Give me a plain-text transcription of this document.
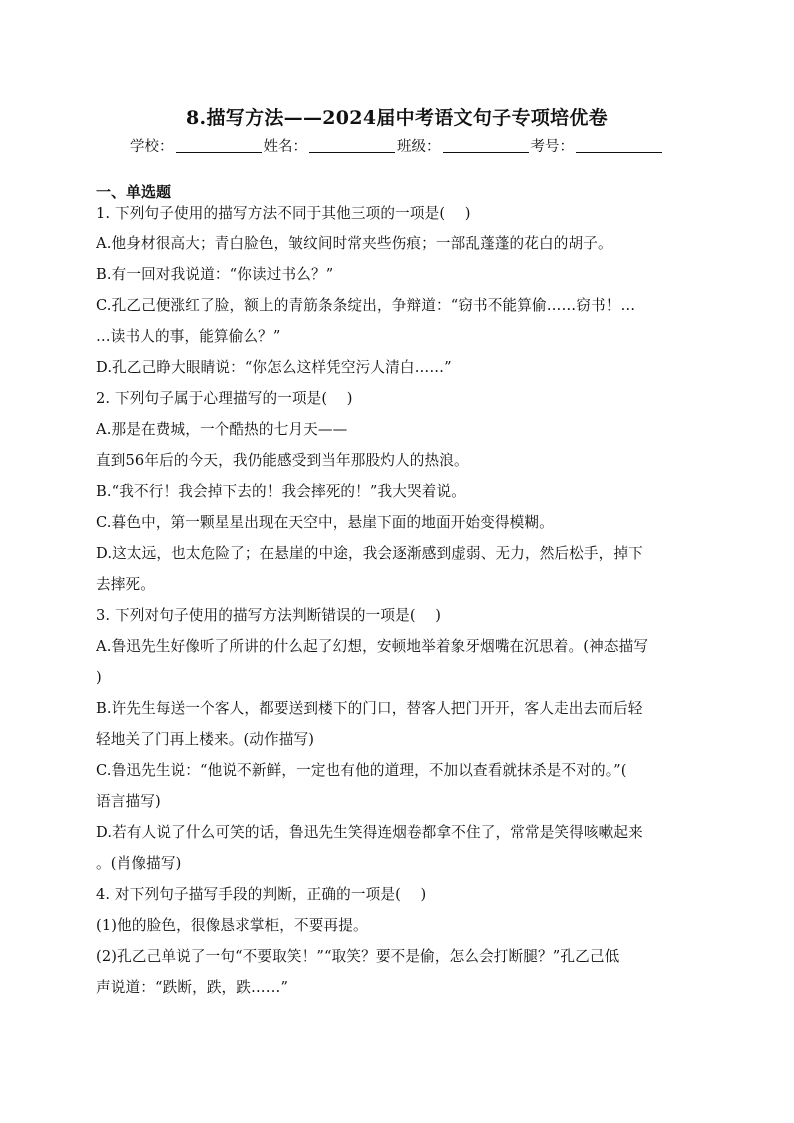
8.描写方法——2024届中考语文句子专项培优卷
学校：	姓名：	班级：	考号：
一、单选题
1. 下列句子使用的描写方法不同于其他三项的一项是(　 )
A.他身材很高大；青白脸色，皱纹间时常夹些伤痕；一部乱蓬蓬的花白的胡子。
B.有一回对我说道：“你读过书么？”
C.孔乙己便涨红了脸，额上的青筋条条绽出，争辩道：“窃书不能算偷……窃书！…
…读书人的事，能算偷么？”
D.孔乙己睁大眼睛说：“你怎么这样凭空污人清白……”
2. 下列句子属于心理描写的一项是(　 )
A.那是在费城，一个酷热的七月天——
直到56年后的今天，我仍能感受到当年那股灼人的热浪。
B.“我不行！我会掉下去的！我会摔死的！”我大哭着说。
C.暮色中，第一颗星星出现在天空中，悬崖下面的地面开始变得模糊。
D.这太远，也太危险了；在悬崖的中途，我会逐渐感到虚弱、无力，然后松手，掉下
去摔死。
3. 下列对句子使用的描写方法判断错误的一项是(　 )
A.鲁迅先生好像听了所讲的什么起了幻想，安顿地举着象牙烟嘴在沉思着。(神态描写
)
B.许先生每送一个客人，都要送到楼下的门口，替客人把门开开，客人走出去而后轻
轻地关了门再上楼来。(动作描写)
C.鲁迅先生说：“他说不新鲜，一定也有他的道理，不加以查看就抹杀是不对的。”(
语言描写)
D.若有人说了什么可笑的话，鲁迅先生笑得连烟卷都拿不住了，常常是笑得咳嗽起来
。(肖像描写)
4. 对下列句子描写手段的判断，正确的一项是(　 )
(1)他的脸色，很像恳求掌柜，不要再提。
(2)孔乙己单说了一句“不要取笑！”“取笑？要不是偷，怎么会打断腿？”孔乙己低
声说道：“跌断，跌，跌……”
